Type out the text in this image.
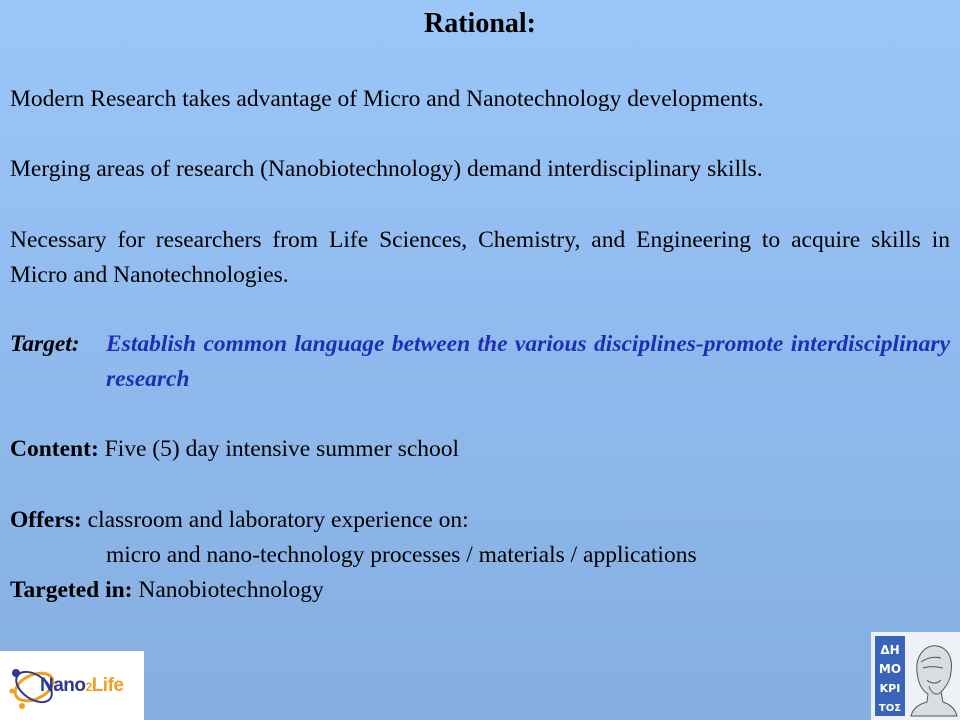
Rational:
Modern Research takes advantage of Micro and Nanotechnology developments.
Merging areas of research (Nanobiotechnology) demand interdisciplinary skills.
Necessary for researchers from Life Sciences, Chemistry, and Engineering to acquire skills in Micro and Nanotechnologies.
Target:	Establish common language between the various disciplines-promote interdisciplinary research
Content: Five (5) day intensive summer school
Offers: classroom and laboratory experience on:
micro and nano-technology processes / materials / applications
Targeted in: Nanobiotechnology
Nano2Life
ΔΗ
ΜΟ
ΚΡΙ
ΤΟΣ
